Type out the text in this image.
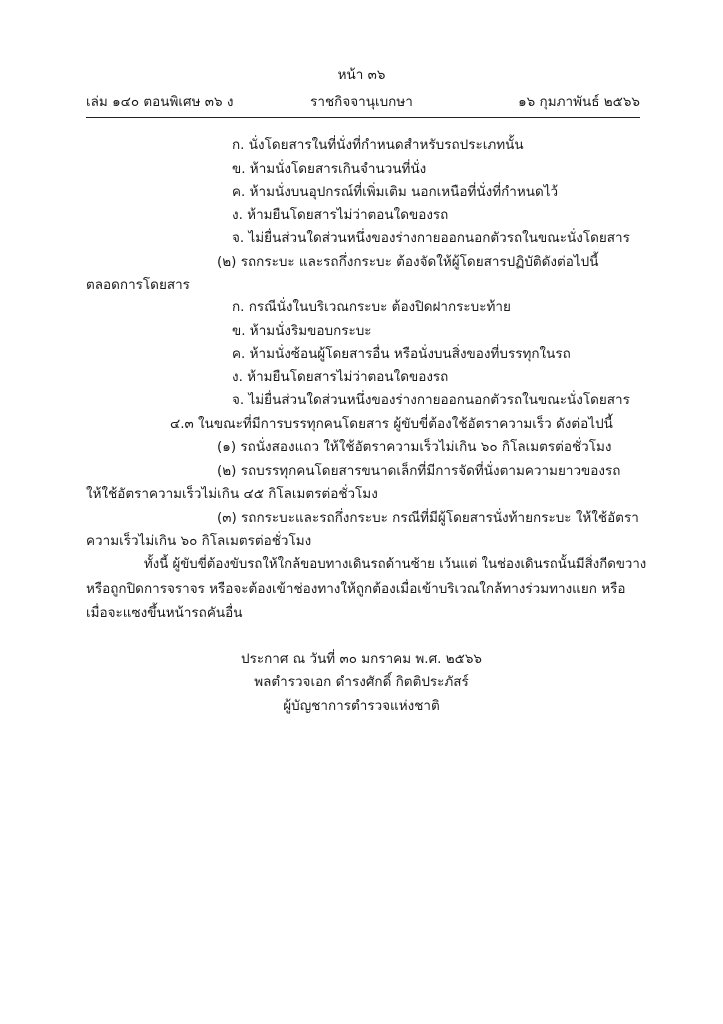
หน้า ๓๖
เล่ม ๑๔๐ ตอนพิเศษ ๓๖ ง	ราชกิจจานุเบกษา	๑๖ กุมภาพันธ์ ๒๕๖๖
ก. นั่งโดยสารในที่นั่งที่กำหนดสำหรับรถประเภทนั้น
ข. ห้ามนั่งโดยสารเกินจำนวนที่นั่ง
ค. ห้ามนั่งบนอุปกรณ์ที่เพิ่มเติม นอกเหนือที่นั่งที่กำหนดไว้
ง. ห้ามยืนโดยสารไม่ว่าตอนใดของรถ
จ. ไม่ยื่นส่วนใดส่วนหนึ่งของร่างกายออกนอกตัวรถในขณะนั่งโดยสาร
(๒) รถกระบะ และรถกึ่งกระบะ ต้องจัดให้ผู้โดยสารปฏิบัติดังต่อไปนี้
ตลอดการโดยสาร
ก. กรณีนั่งในบริเวณกระบะ ต้องปิดฝากระบะท้าย
ข. ห้ามนั่งริมขอบกระบะ
ค. ห้ามนั่งซ้อนผู้โดยสารอื่น หรือนั่งบนสิ่งของที่บรรทุกในรถ
ง. ห้ามยืนโดยสารไม่ว่าตอนใดของรถ
จ. ไม่ยื่นส่วนใดส่วนหนึ่งของร่างกายออกนอกตัวรถในขณะนั่งโดยสาร
๔.๓ ในขณะที่มีการบรรทุกคนโดยสาร ผู้ขับขี่ต้องใช้อัตราความเร็ว ดังต่อไปนี้
(๑) รถนั่งสองแถว ให้ใช้อัตราความเร็วไม่เกิน ๖๐ กิโลเมตรต่อชั่วโมง
(๒) รถบรรทุกคนโดยสารขนาดเล็กที่มีการจัดที่นั่งตามความยาวของรถ
ให้ใช้อัตราความเร็วไม่เกิน ๔๕ กิโลเมตรต่อชั่วโมง
(๓) รถกระบะและรถกึ่งกระบะ กรณีที่มีผู้โดยสารนั่งท้ายกระบะ ให้ใช้อัตรา
ความเร็วไม่เกิน ๖๐ กิโลเมตรต่อชั่วโมง
ทั้งนี้ ผู้ขับขี่ต้องขับรถให้ใกล้ขอบทางเดินรถด้านซ้าย เว้นแต่ ในช่องเดินรถนั้นมีสิ่งกีดขวาง
หรือถูกปิดการจราจร หรือจะต้องเข้าช่องทางให้ถูกต้องเมื่อเข้าบริเวณใกล้ทางร่วมทางแยก หรือ
เมื่อจะแซงขึ้นหน้ารถคันอื่น
ประกาศ ณ วันที่ ๓๐ มกราคม พ.ศ. ๒๕๖๖
พลตำรวจเอก ดำรงศักดิ์ กิตติประภัสร์
ผู้บัญชาการตำรวจแห่งชาติ
